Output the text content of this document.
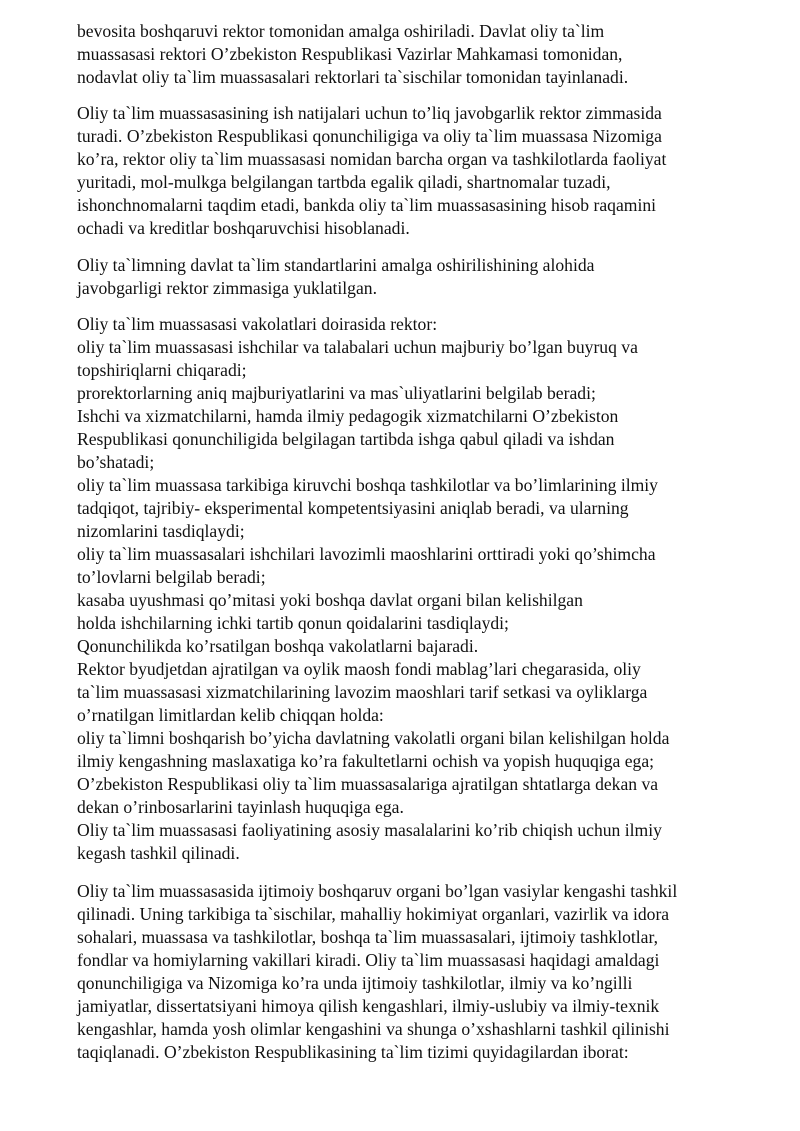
bevosita boshqaruvi rektor tomonidan amalga oshiriladi. Davlat oliy ta`lim
muassasasi rektori O’zbekiston Respublikasi Vazirlar Mahkamasi tomonidan,
nodavlat oliy ta`lim muassasalari rektorlari ta`sischilar tomonidan tayinlanadi.
Oliy ta`lim muassasasining ish natijalari uchun to’liq javobgarlik rektor zimmasida
turadi. O’zbekiston Respublikasi qonunchiligiga va oliy ta`lim muassasa Nizomiga
ko’ra, rektor oliy ta`lim muassasasi nomidan barcha organ va tashkilotlarda faoliyat
yuritadi, mol-mulkga belgilangan tartbda egalik qiladi, shartnomalar tuzadi,
ishonchnomalarni taqdim etadi, bankda oliy ta`lim muassasasining hisob raqamini
ochadi va kreditlar boshqaruvchisi hisoblanadi.
Oliy ta`limning davlat ta`lim standartlarini amalga oshirilishining alohida
javobgarligi rektor zimmasiga yuklatilgan.
Oliy ta`lim muassasasi vakolatlari doirasida rektor:
oliy ta`lim muassasasi ishchilar va talabalari uchun majburiy bo’lgan buyruq va
topshiriqlarni chiqaradi;
prorektorlarning aniq majburiyatlarini va mas`uliyatlarini belgilab beradi;
Ishchi va xizmatchilarni, hamda ilmiy pedagogik xizmatchilarni O’zbekiston
Respublikasi qonunchiligida belgilagan tartibda ishga qabul qiladi va ishdan
bo’shatadi;
oliy ta`lim muassasa tarkibiga kiruvchi boshqa tashkilotlar va bo’limlarining ilmiy
tadqiqot, tajribiy- eksperimental kompetentsiyasini aniqlab beradi, va ularning
nizomlarini tasdiqlaydi;
oliy ta`lim muassasalari ishchilari lavozimli maoshlarini orttiradi yoki qo’shimcha
to’lovlarni belgilab beradi;
kasaba uyushmasi qo’mitasi yoki boshqa davlat organi bilan kelishilgan
holda ishchilarning ichki tartib qonun qoidalarini tasdiqlaydi;
Qonunchilikda ko’rsatilgan boshqa vakolatlarni bajaradi.
Rektor byudjetdan ajratilgan va oylik maosh fondi mablag’lari chegarasida, oliy
ta`lim muassasasi xizmatchilarining lavozim maoshlari tarif setkasi va oyliklarga
o’rnatilgan limitlardan kelib chiqqan holda:
oliy ta`limni boshqarish bo’yicha davlatning vakolatli organi bilan kelishilgan holda
ilmiy kengashning maslaxatiga ko’ra fakultetlarni ochish va yopish huquqiga ega;
O’zbekiston Respublikasi oliy ta`lim muassasalariga ajratilgan shtatlarga dekan va
dekan o’rinbosarlarini tayinlash huquqiga ega.
Oliy ta`lim muassasasi faoliyatining asosiy masalalarini ko’rib chiqish uchun ilmiy
kegash tashkil qilinadi.
Oliy ta`lim muassasasida ijtimoiy boshqaruv organi bo’lgan vasiylar kengashi tashkil
qilinadi. Uning tarkibiga ta`sischilar, mahalliy hokimiyat organlari, vazirlik va idora
sohalari, muassasa va tashkilotlar, boshqa ta`lim muassasalari, ijtimoiy tashklotlar,
fondlar va homiylarning vakillari kiradi. Oliy ta`lim muassasasi haqidagi amaldagi
qonunchiligiga va Nizomiga ko’ra unda ijtimoiy tashkilotlar, ilmiy va ko’ngilli
jamiyatlar, dissertatsiyani himoya qilish kengashlari, ilmiy-uslubiy va ilmiy-texnik
kengashlar, hamda yosh olimlar kengashini va shunga o’xshashlarni tashkil qilinishi
taqiqlanadi. O’zbekiston Respublikasining ta`lim tizimi quyidagilardan iborat:
